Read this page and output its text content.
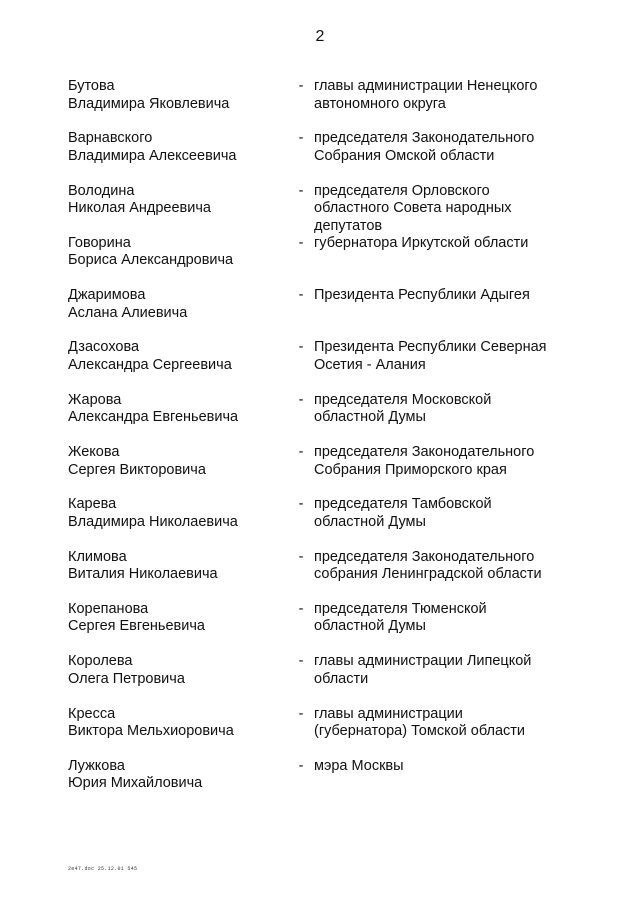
2
Бутова
Владимира Яковлевича
- главы администрации Ненецкого
автономного округа
Варнавского
Владимира Алексеевича
- председателя Законодательного
Собрания Омской области
Володина
Николая Андреевича
- председателя Орловского
областного Совета народных
депутатов
Говорина
Бориса Александровича
- губернатора Иркутской области
Джаримова
Аслана Алиевича
- Президента Республики Адыгея
Дзасохова
Александра Сергеевича
- Президента Республики Северная
Осетия - Алания
Жарова
Александра Евгеньевича
- председателя Московской
областной Думы
Жекова
Сергея Викторовича
- председателя Законодательного
Собрания Приморского края
Карева
Владимира Николаевича
- председателя Тамбовской
областной Думы
Климова
Виталия Николаевича
- председателя Законодательного
собрания Ленинградской области
Корепанова
Сергея Евгеньевича
- председателя Тюменской
областной Думы
Королева
Олега Петровича
- главы администрации Липецкой
области
Кресса
Виктора Мельхиоровича
- главы администрации
(губернатора) Томской области
Лужкова
Юрия Михайловича
- мэра Москвы
2e47.doc 25.12.01 545
